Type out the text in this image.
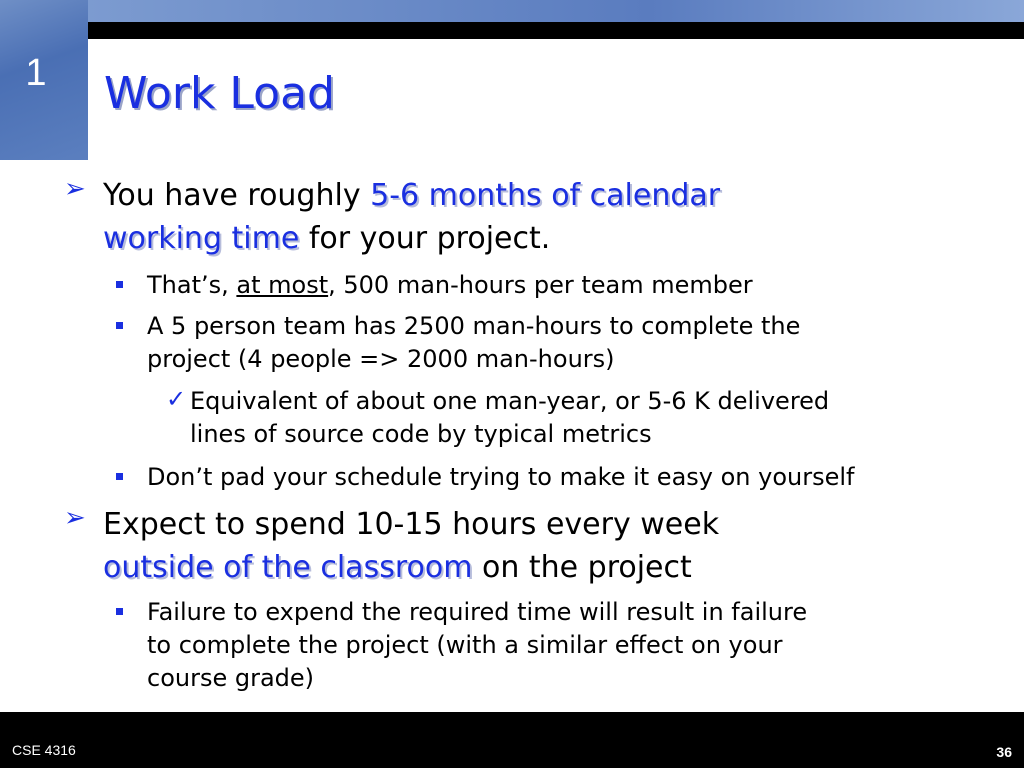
1	Work Load
➢ You have roughly 5-6 months of calendar
working time for your project.
That’s, at most, 500 man-hours per team member
A 5 person team has 2500 man-hours to complete the
project (4 people => 2000 man-hours)
✓ Equivalent of about one man-year, or 5-6 K delivered
lines of source code by typical metrics
Don’t pad your schedule trying to make it easy on yourself
➢ Expect to spend 10-15 hours every week
outside of the classroom on the project
Failure to expend the required time will result in failure
to complete the project (with a similar effect on your
course grade)
CSE 4316	36
